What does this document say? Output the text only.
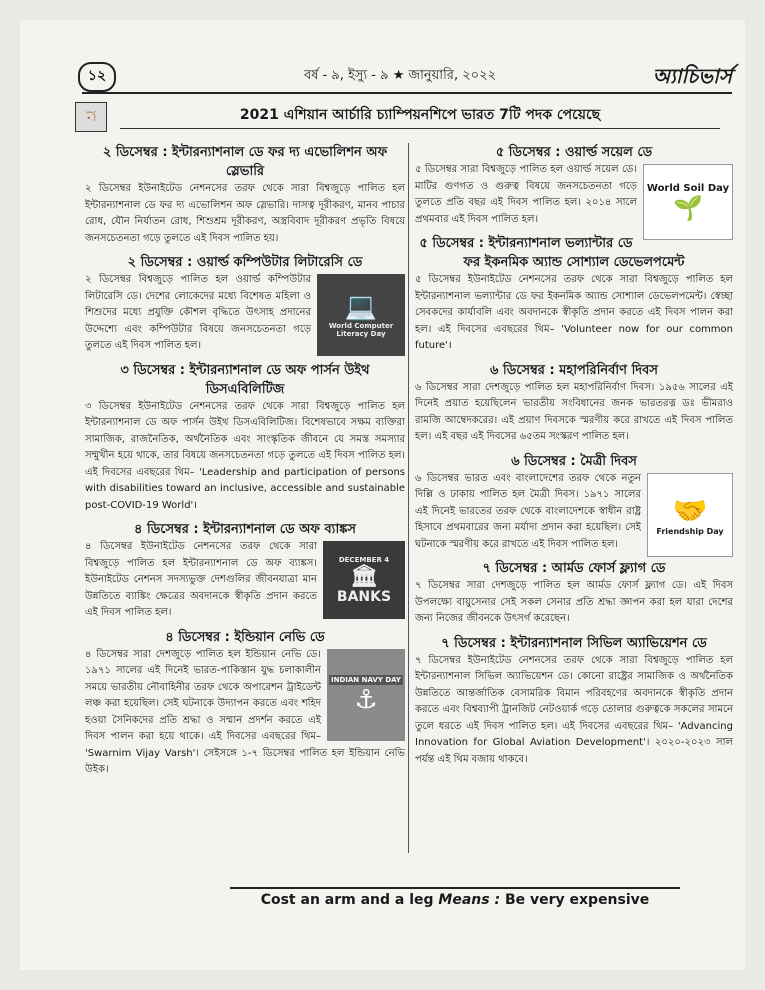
১২	বর্ষ - ৯, ইস্যু - ৯ ★ জানুয়ারি, ২০২২	অ্যাচিভার্স
🏹	2021 এশিয়ান আর্চারি চ্যাম্পিয়নশিপে ভারত 7টি পদক পেয়েছে
২ ডিসেম্বর : ইন্টারন্যাশনাল ডে ফর দ্য এভোলিশন অফ স্লেভারি

২ ডিসেম্বর ইউনাইটেড নেশনসের তরফ থেকে সারা বিশ্বজুড়ে পালিত হল ইন্টারন্যাশনাল ডে ফর দ্য এভোলিশন অফ স্লেভারি। দাসত্ব দূরীকরণ, মানব পাচার রোধ, যৌন নির্যাতন রোধ, শিশুশ্রম দূরীকরণ, অস্ত্রবিবাদ দূরীকরণ প্রভৃতি বিষয়ে জনসচেতনতা গড়ে তুলতে এই দিবস পালিত হয়।

২ ডিসেম্বর : ওয়ার্ল্ড কম্পিউটার লিটারেসি ডে
💻
World Computer Literacy Day

২ ডিসেম্বর বিশ্বজুড়ে পালিত হল ওয়ার্ল্ড কম্পিউটার লিটারেসি ডে। দেশের লোকেদের মধ্যে বিশেষত মহিলা ও শিশুদের মধ্যে প্রযুক্তি কৌশল বৃদ্ধিতে উৎসাহ প্রদানের উদ্দেশ্যে এবং কম্পিউটার বিষয়ে জনসচেতনতা গড়ে তুলতে এই দিবস পালিত হল।

৩ ডিসেম্বর : ইন্টারন্যাশনাল ডে অফ পার্সন উইথ ডিসএবিলিটিজ

৩ ডিসেম্বর ইউনাইটেড নেশনসের তরফ থেকে সারা বিশ্বজুড়ে পালিত হল ইন্টারন্যাশনাল ডে অফ পার্সন উইথ ডিসএবিলিটিজ। বিশেষভাবে সক্ষম ব্যক্তিরা সামাজিক, রাজনৈতিক, অর্থনৈতিক এবং সাংস্কৃতিক জীবনে যে সমস্ত সমস্যার সম্মুখীন হয়ে থাকে, তার বিষয়ে জনসচেতনতা গড়ে তুলতে এই দিবস পালিত হল। এই দিবসের এবছরের থিম– 'Leadership and participation of persons with disabilities toward an inclusive, accessible and sustainable post-COVID-19 World'।

৪ ডিসেম্বর : ইন্টারন্যাশনাল ডে অফ ব্যাঙ্কস
DECEMBER 4
🏛
BANKS

৪ ডিসেম্বর ইউনাইটেড নেশনসের তরফ থেকে সারা বিশ্বজুড়ে পালিত হল ইন্টারন্যাশনাল ডে অফ ব্যাঙ্কস। ইউনাইটেড নেশনস সদস্যভুক্ত দেশগুলির জীবনযাত্রা মান উন্নতিতে ব্যাঙ্কিং ক্ষেত্রের অবদানকে স্বীকৃতি প্রদান করতে এই দিবস পালিত হল।

৪ ডিসেম্বর : ইন্ডিয়ান নেভি ডে
INDIAN NAVY DAY
⚓

৪ ডিসেম্বর সারা দেশজুড়ে পালিত হল ইন্ডিয়ান নেভি ডে। ১৯৭১ সালের এই দিনেই ভারত-পাকিস্তান যুদ্ধ চলাকালীন সময়ে ভারতীয় নৌবাহিনীর তরফ থেকে অপারেশন ট্রাইডেন্ট লঞ্চ করা হয়েছিল। সেই ঘটনাকে উদ্যাপন করতে এবং শহিদ হওয়া সৈনিকদের প্রতি শ্রদ্ধা ও সম্মান প্রদর্শন করতে এই দিবস পালন করা হয়ে থাকে। এই দিবসের এবছরের থিম– 'Swarnim Vijay Varsh'। সেইসঙ্গে ১-৭ ডিসেম্বর পালিত হল ইন্ডিয়ান নেভি উইক।

৫ ডিসেম্বর : ওয়ার্ল্ড সয়েল ডে
World Soil Day
🌱

৫ ডিসেম্বর সারা বিশ্বজুড়ে পালিত হল ওয়ার্ল্ড সয়েল ডে। মাটির গুণগত ও গুরুত্ব বিষয়ে জনসচেতনতা গড়ে তুলতে প্রতি বছর এই দিবস পালিত হল। ২০১৪ সালে প্রথমবার এই দিবস পালিত হল।

৫ ডিসেম্বর : ইন্টারন্যাশনাল ভল্যান্টার ডে ফর ইকনমিক অ্যান্ড সোশ্যাল ডেভেলপমেন্ট

৫ ডিসেম্বর ইউনাইটেড নেশনসের তরফ থেকে সারা বিশ্বজুড়ে পালিত হল ইন্টারন্যাশনাল ভল্যান্টার ডে ফর ইকনমিক অ্যান্ড সোশ্যাল ডেভেলপমেন্ট। স্বেচ্ছা সেবকদের কার্যাবলি এবং অবদানকে স্বীকৃতি প্রদান করতে এই দিবস পালন করা হল। এই দিবসের এবছরের থিম– 'Volunteer now for our common future'।

৬ ডিসেম্বর : মহাপরিনির্বাণ দিবস

৬ ডিসেম্বর সারা দেশজুড়ে পালিত হল মহাপরিনির্বাণ দিবস। ১৯৫৬ সালের এই দিনেই প্রয়াত হয়েছিলেন ভারতীয় সংবিধানের জনক ভারতরত্ন ডঃ ভীমরাও রামজি আম্বেদকরের। এই প্রয়াণ দিবসকে স্মরণীয় করে রাখতে এই দিবস পালিত হল। এই বছর এই দিবসের ৬৫তম সংস্করণ পালিত হল।

৬ ডিসেম্বর : মৈত্রী দিবস
🤝
Friendship Day

৬ ডিসেম্বর ভারত এবং বাংলাদেশের তরফ থেকে নতুন দিল্লি ও ঢাকায় পালিত হল মৈত্রী দিবস। ১৯৭১ সালের এই দিনেই ভারতের তরফ থেকে বাংলাদেশকে স্বাধীন রাষ্ট্র হিসাবে প্রথমবারের জন্য মর্যাদা প্রদান করা হয়েছিল। সেই ঘটনাকে স্মরণীয় করে রাখতে এই দিবস পালিত হল।

৭ ডিসেম্বর : আর্মড ফোর্স ফ্ল্যাগ ডে

৭ ডিসেম্বর সারা দেশজুড়ে পালিত হল আর্মড ফোর্স ফ্ল্যাগ ডে। এই দিবস উপলক্ষ্যে বায়ুসেনার সেই সকল সেনার প্রতি শ্রদ্ধা জ্ঞাপন করা হল যারা দেশের জন্য নিজের জীবনকে উৎসর্গ করেছেন।

৭ ডিসেম্বর : ইন্টারন্যাশনাল সিভিল অ্যাভিয়েশন ডে

৭ ডিসেম্বর ইউনাইটেড নেশনসের তরফ থেকে সারা বিশ্বজুড়ে পালিত হল ইন্টারন্যাশনাল সিভিল অ্যাভিয়েশন ডে। কোনো রাষ্ট্রের সামাজিক ও অর্থনৈতিক উন্নতিতে আন্তর্জাতিক বেসামরিক বিমান পরিবহণের অবদানকে স্বীকৃতি প্রদান করতে এবং বিশ্বব্যাপী ট্রানজিট নেটওয়ার্ক গড়ে তোলার গুরুত্বকে সকলের সামনে তুলে ধরতে এই দিবস পালিত হল। এই দিবসের এবছরের থিম– 'Advancing Innovation for Global Aviation Development'। ২০২০-২০২৩ সাল পর্যন্ত এই থিম বজায় থাকবে।

Cost an arm and a leg Means : Be very expensive
